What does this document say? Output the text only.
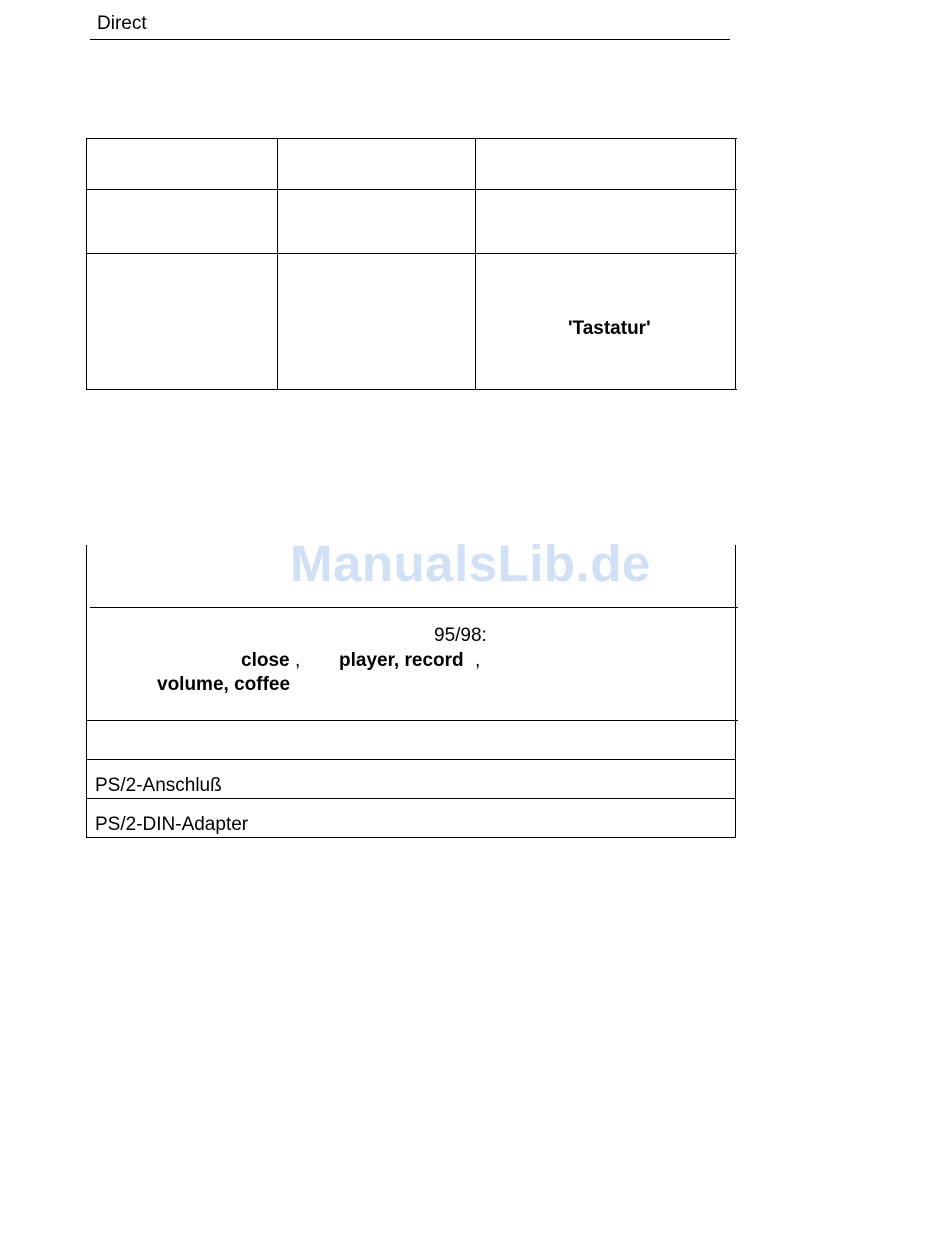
Direct
'Tastatur'
ManualsLib.de
95/98:
close , player, record ,
volume, coffee
PS/2-Anschluß
PS/2-DIN-Adapter
